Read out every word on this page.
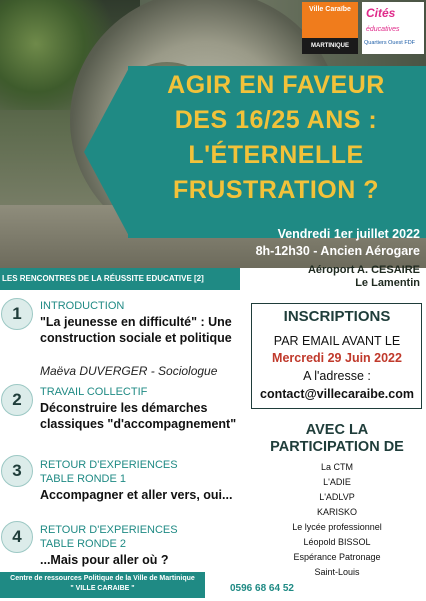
Ville Caraïbe
MARTINIQUE
Cités
éducatives
Quartiers Ouest FDF
AGIR EN FAVEUR
DES 16/25 ANS :
L'ÉTERNELLE
FRUSTRATION ?
Vendredi 1er juillet 2022
8h-12h30 - Ancien Aérogare
Aéroport A. CESAIRE
Le Lamentin
LES RENCONTRES DE LA RÉUSSITE EDUCATIVE [2]
1	INTRODUCTION
"La jeunesse en difficulté" : Une construction sociale et politique
Maëva DUVERGER - Sociologue
2	TRAVAIL COLLECTIF
Déconstruire les démarches classiques "d'accompagnement"
3	RETOUR D'EXPERIENCES
TABLE RONDE 1
Accompagner et aller vers, oui...
4	RETOUR D'EXPERIENCES
TABLE RONDE 2
...Mais pour aller où ?
INSCRIPTIONS
PAR EMAIL AVANT LE
Mercredi 29 Juin 2022
A l'adresse :
contact@villecaraibe.com
AVEC LA
PARTICIPATION DE
La CTM
L'ADIE
L'ADLVP
KARISKO
Le lycée professionnel
Léopold BISSOL
Espérance Patronage
Saint-Louis
Centre de ressources Politique de la Ville de Martinique
" VILLE CARAIBE "	0596 68 64 52
